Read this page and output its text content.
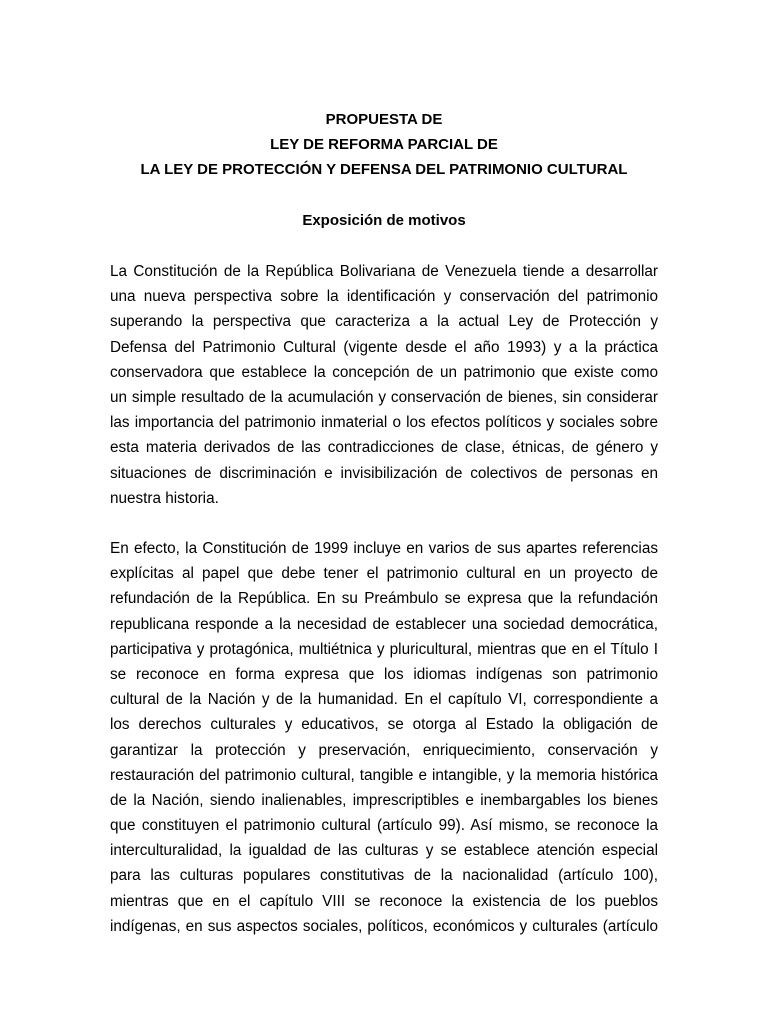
PROPUESTA DE
LEY DE REFORMA PARCIAL DE
LA LEY DE PROTECCIÓN Y DEFENSA DEL PATRIMONIO CULTURAL
Exposición de motivos
La Constitución de la República Bolivariana de Venezuela tiende a desarrollar
una nueva perspectiva sobre la identificación y conservación del patrimonio
superando la perspectiva que caracteriza a la actual Ley de Protección y
Defensa del Patrimonio Cultural (vigente desde el año 1993) y a la práctica
conservadora que establece la concepción de un patrimonio que existe como
un simple resultado de la acumulación y conservación de bienes, sin considerar
las importancia del patrimonio inmaterial o los efectos políticos y sociales sobre
esta materia derivados de las contradicciones de clase, étnicas, de género y
situaciones de discriminación e invisibilización de colectivos de personas en
nuestra historia.
En efecto, la Constitución de 1999 incluye en varios de sus apartes referencias
explícitas al papel que debe tener el patrimonio cultural en un proyecto de
refundación de la República. En su Preámbulo se expresa que la refundación
republicana responde a la necesidad de establecer una sociedad democrática,
participativa y protagónica, multiétnica y pluricultural, mientras que en el Título I
se reconoce en forma expresa que los idiomas indígenas son patrimonio
cultural de la Nación y de la humanidad. En el capítulo VI, correspondiente a
los derechos culturales y educativos, se otorga al Estado la obligación de
garantizar la protección y preservación, enriquecimiento, conservación y
restauración del patrimonio cultural, tangible e intangible, y la memoria histórica
de la Nación, siendo inalienables, imprescriptibles e inembargables los bienes
que constituyen el patrimonio cultural (artículo 99). Así mismo, se reconoce la
interculturalidad, la igualdad de las culturas y se establece atención especial
para las culturas populares constitutivas de la nacionalidad (artículo 100),
mientras que en el capítulo VIII se reconoce la existencia de los pueblos
indígenas, en sus aspectos sociales, políticos, económicos y culturales (artículo
